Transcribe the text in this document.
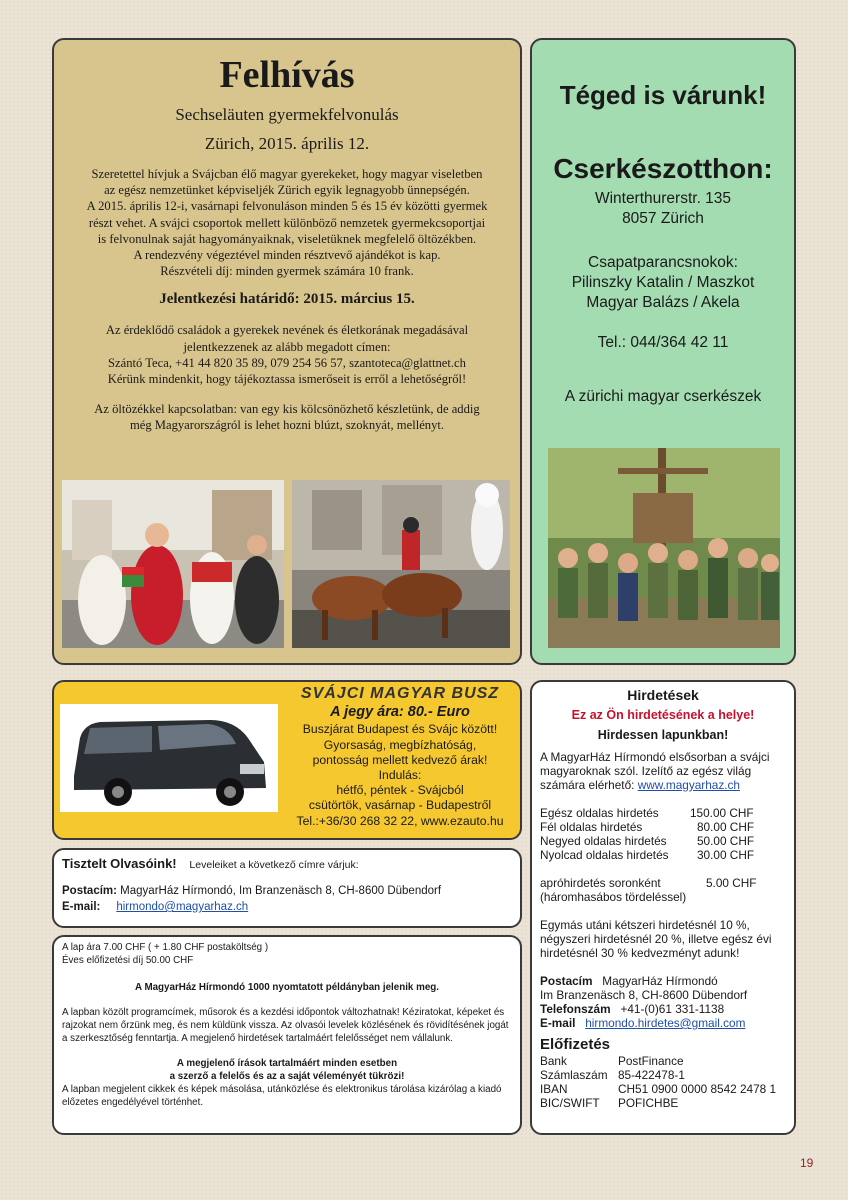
Felhívás
Sechseläuten gyermekfelvonulás
Zürich, 2015. április 12.
Szeretettel hívjuk a Svájcban élő magyar gyerekeket, hogy magyar viseletben
az egész nemzetünket képviseljék Zürich egyik legnagyobb ünnepségén.
A 2015. április 12-i, vasárnapi felvonuláson minden 5 és 15 év közötti gyermek
részt vehet. A svájci csoportok mellett különböző nemzetek gyermekcsoportjai
is felvonulnak saját hagyományaiknak, viseletüknek megfelelő öltözékben.
A rendezvény végeztével minden résztvevő ajándékot is kap.
Részvételi díj: minden gyermek számára 10 frank.
Jelentkezési határidő: 2015. március 15.
Az érdeklődő családok a gyerekek nevének és életkorának megadásával
jelentkezzenek az alább megadott címen:
Szántó Teca, +41 44 820 35 89, 079 254 56 57, szantoteca@glattnet.ch
Kérünk mindenkit, hogy tájékoztassa ismerőseit is erről a lehetőségről!
Az öltözékkel kapcsolatban: van egy kis kölcsönözhető készletünk, de addig
még Magyarországról is lehet hozni blúzt, szoknyát, mellényt.
Téged is várunk!
Cserkészotthon:
Winterthurerstr. 135
8057 Zürich
Csapatparancsnokok:
Pilinszky Katalin / Maszkot
Magyar Balázs / Akela
Tel.: 044/364 42 11
A zürichi magyar cserkészek
SVÁJCI MAGYAR BUSZ
A jegy ára: 80.- Euro
Buszjárat Budapest és Svájc között!
Gyorsaság, megbízhatóság,
pontosság mellett kedvező árak!
Indulás:
hétfő, péntek - Svájcból
csütörtök, vasárnap - Budapestről
Tel.:+36/30 268 32 22, www.ezauto.hu
Tisztelt Olvasóink! Leveleiket a következő címre várjuk:
Postacím: MagyarHáz Hírmondó, Im Branzenäsch 8, CH-8600 Dübendorf
E-mail: hirmondo@magyarhaz.ch
A lap ára 7.00 CHF ( + 1.80 CHF postaköltség )
Éves előfizetési díj 50.00 CHF
A MagyarHáz Hírmondó 1000 nyomtatott példányban jelenik meg.
A lapban közölt programcímek, műsorok és a kezdési időpontok változhatnak! Kéziratokat, képeket és rajzokat nem őrzünk meg, és nem küldünk vissza. Az olvasói levelek közlésének és rövidítésének jogát a szerkesztőség fenntartja. A megjelenő hirdetések tartalmáért felelősséget nem vállalunk.
A megjelenő írások tartalmáért minden esetben
a szerző a felelős és az a saját véleményét tükrözi!
A lapban megjelent cikkek és képek másolása, utánközlése és elektronikus tárolása kizárólag a kiadó előzetes engedélyével történhet.
Hirdetések
Ez az Ön hirdetésének a helye!
Hirdessen lapunkban!
A MagyarHáz Hírmondó elsősorban a svájci magyaroknak szól. Izelítő az egész világ számára elérhető: www.magyarhaz.ch
Egész oldalas hirdetés	150.00 CHF
Fél oldalas hirdetés	80.00 CHF
Negyed oldalas hirdetés	50.00 CHF
Nyolcad oldalas hirdetés	30.00 CHF
apróhirdetés soronként	5.00 CHF
(háromhasábos tördeléssel)
Egymás utáni kétszeri hirdetésnél 10 %, négyszeri hirdetésnél 20 %, illetve egész évi hirdetésnél 30 % kedvezményt adunk!
Postacím MagyarHáz Hírmondó
Im Branzenäsch 8, CH-8600 Dübendorf
Telefonszám +41-(0)61 331-1138
E-mail hirmondo.hirdetes@gmail.com
Előfizetés
Bank	PostFinance
Számlaszám 85-422478-1
IBAN	CH51 0900 0000 8542 2478 1
BIC/SWIFT	POFICHBE
19
